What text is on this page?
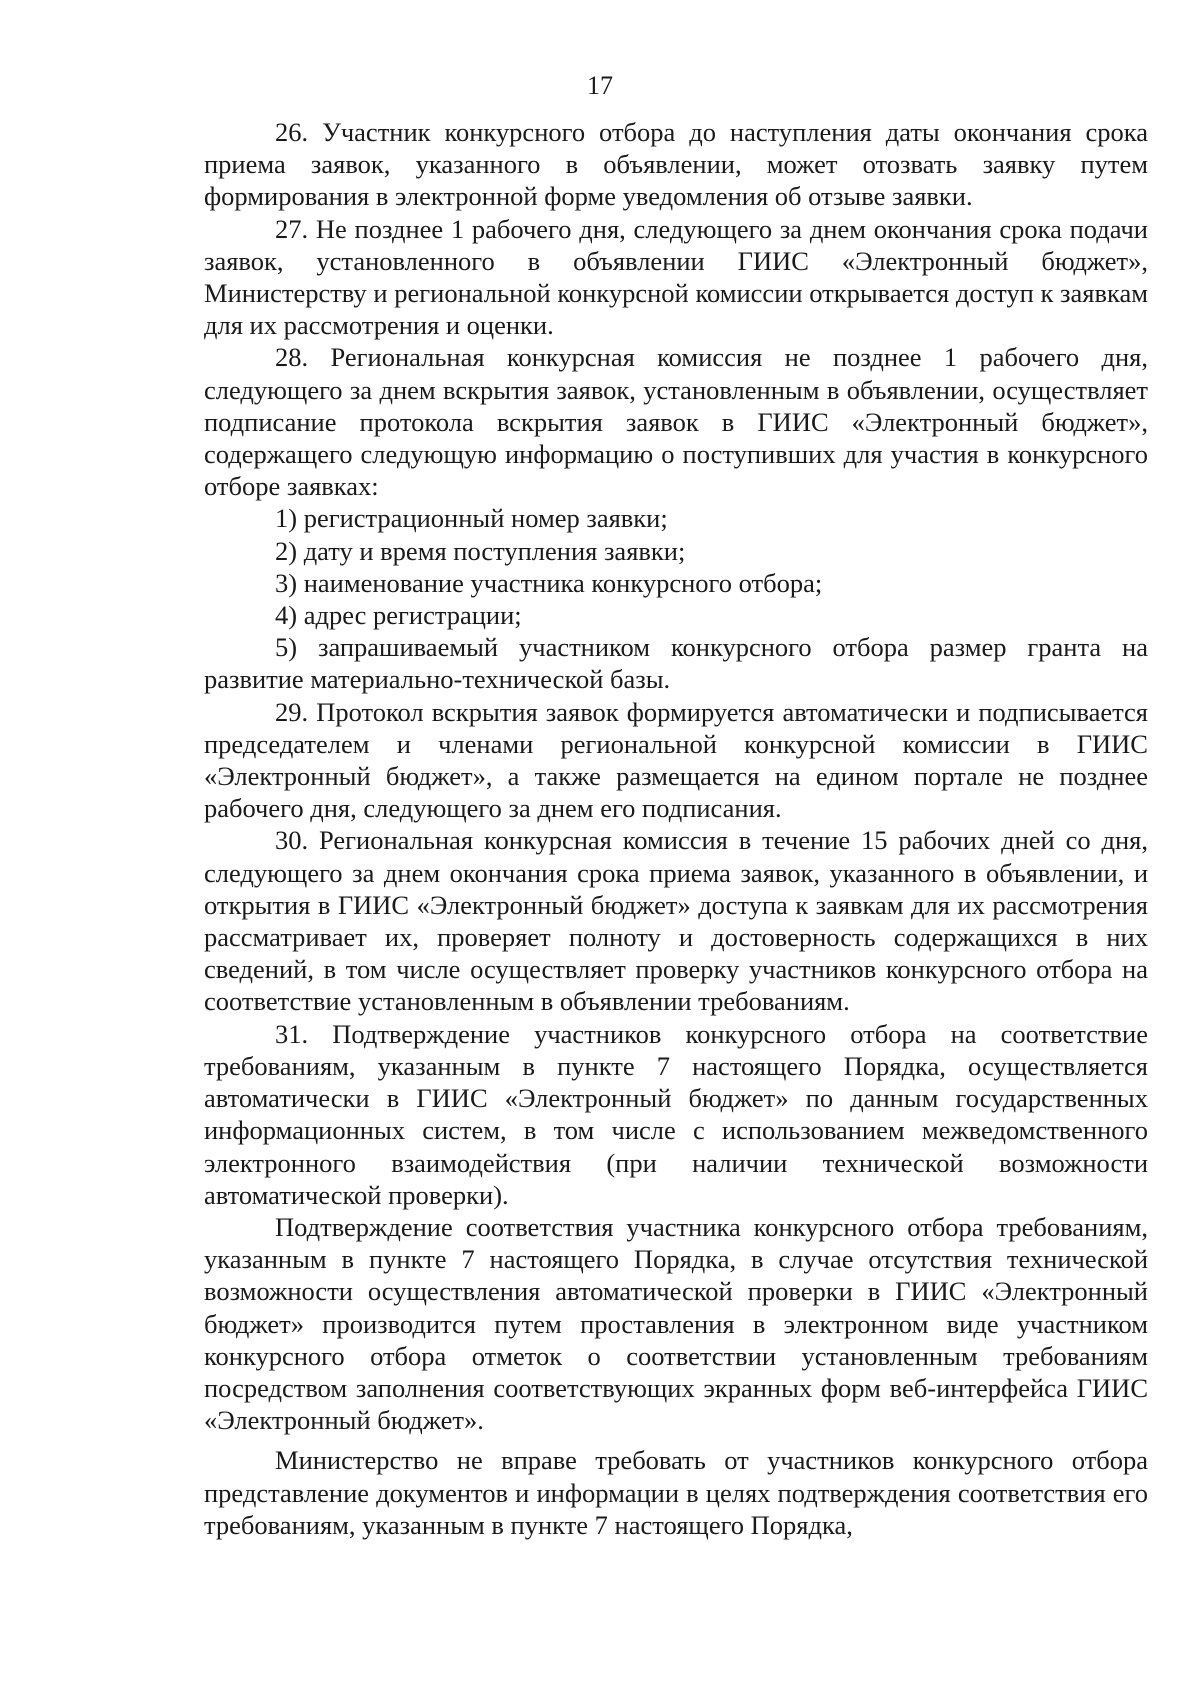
17

26. Участник конкурсного отбора до наступления даты окончания срока приема заявок, указанного в объявлении, может отозвать заявку путем формирования в электронной форме уведомления об отзыве заявки.

27. Не позднее 1 рабочего дня, следующего за днем окончания срока подачи заявок, установленного в объявлении ГИИС «Электронный бюджет», Министерству и региональной конкурсной комиссии открывается доступ к заявкам для их рассмотрения и оценки.

28. Региональная конкурсная комиссия не позднее 1 рабочего дня, следующего за днем вскрытия заявок, установленным в объявлении, осуществляет подписание протокола вскрытия заявок в ГИИС «Электронный бюджет», содержащего следующую информацию о поступивших для участия в конкурсного отборе заявках:

1) регистрационный номер заявки;

2) дату и время поступления заявки;

3) наименование участника конкурсного отбора;

4) адрес регистрации;

5) запрашиваемый участником конкурсного отбора размер гранта на развитие материально-технической базы.

29. Протокол вскрытия заявок формируется автоматически и подписывается председателем и членами региональной конкурсной комиссии в ГИИС «Электронный бюджет», а также размещается на едином портале не позднее рабочего дня, следующего за днем его подписания.

30. Региональная конкурсная комиссия в течение 15 рабочих дней со дня, следующего за днем окончания срока приема заявок, указанного в объявлении, и открытия в ГИИС «Электронный бюджет» доступа к заявкам для их рассмотрения рассматривает их, проверяет полноту и достоверность содержащихся в них сведений, в том числе осуществляет проверку участников конкурсного отбора на соответствие установленным в объявлении требованиям.

31. Подтверждение участников конкурсного отбора на соответствие требованиям, указанным в пункте 7 настоящего Порядка, осуществляется автоматически в ГИИС «Электронный бюджет» по данным государственных информационных систем, в том числе с использованием межведомственного электронного взаимодействия (при наличии технической возможности автоматической проверки).

Подтверждение соответствия участника конкурсного отбора требованиям, указанным в пункте 7 настоящего Порядка, в случае отсутствия технической возможности осуществления автоматической проверки в ГИИС «Электронный бюджет» производится путем проставления в электронном виде участником конкурсного отбора отметок о соответствии установленным требованиям посредством заполнения соответствующих экранных форм веб-интерфейса ГИИС «Электронный бюджет».

Министерство не вправе требовать от участников конкурсного отбора представление документов и информации в целях подтверждения соответствия его требованиям, указанным в пункте 7 настоящего Порядка,
